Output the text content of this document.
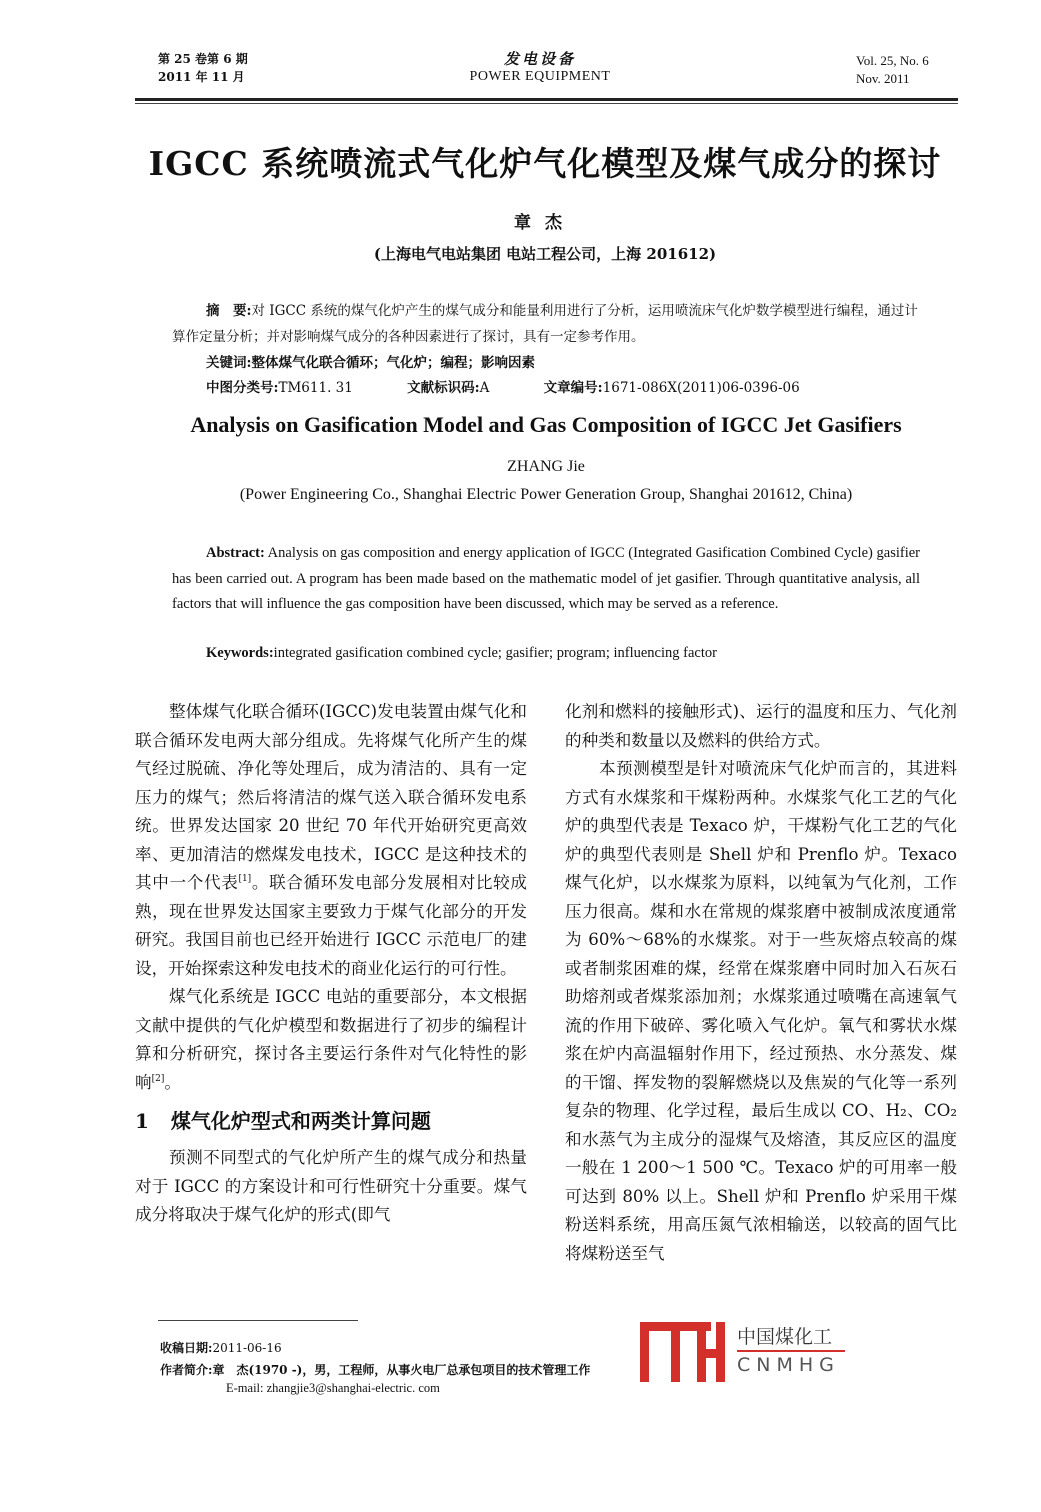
第 25 卷第 6 期
2011 年 11 月
发电设备
POWER EQUIPMENT
Vol. 25, No. 6
Nov. 2011
IGCC 系统喷流式气化炉气化模型及煤气成分的探讨
章杰
(上海电气电站集团 电站工程公司，上海 201612)

摘　要:对 IGCC 系统的煤气化炉产生的煤气成分和能量利用进行了分析，运用喷流床气化炉数学模型进行编程，通过计算作定量分析；并对影响煤气成分的各种因素进行了探讨，具有一定参考作用。

关键词:整体煤气化联合循环；气化炉；编程；影响因素

中图分类号:TM611. 31	文献标识码:A	文章编号:1671-086X(2011)06-0396-06
Analysis on Gasification Model and Gas Composition of IGCC Jet Gasifiers
ZHANG Jie
(Power Engineering Co., Shanghai Electric Power Generation Group, Shanghai 201612, China)

Abstract: Analysis on gas composition and energy application of IGCC (Integrated Gasification Combined Cycle) gasifier has been carried out. A program has been made based on the mathematic model of jet gasifier. Through quantitative analysis, all factors that will influence the gas composition have been discussed, which may be served as a reference.

Keywords:integrated gasification combined cycle; gasifier; program; influencing factor

整体煤气化联合循环(IGCC)发电装置由煤气化和联合循环发电两大部分组成。先将煤气化所产生的煤气经过脱硫、净化等处理后，成为清洁的、具有一定压力的煤气；然后将清洁的煤气送入联合循环发电系统。世界发达国家 20 世纪 70 年代开始研究更高效率、更加清洁的燃煤发电技术，IGCC 是这种技术的其中一个代表[1]。联合循环发电部分发展相对比较成熟，现在世界发达国家主要致力于煤气化部分的开发研究。我国目前也已经开始进行 IGCC 示范电厂的建设，开始探索这种发电技术的商业化运行的可行性。

煤气化系统是 IGCC 电站的重要部分，本文根据文献中提供的气化炉模型和数据进行了初步的编程计算和分析研究，探讨各主要运行条件对气化特性的影响[2]。

1 煤气化炉型式和两类计算问题

预测不同型式的气化炉所产生的煤气成分和热量对于 IGCC 的方案设计和可行性研究十分重要。煤气成分将取决于煤气化炉的形式(即气

化剂和燃料的接触形式)、运行的温度和压力、气化剂的种类和数量以及燃料的供给方式。

本预测模型是针对喷流床气化炉而言的，其进料方式有水煤浆和干煤粉两种。水煤浆气化工艺的气化炉的典型代表是 Texaco 炉，干煤粉气化工艺的气化炉的典型代表则是 Shell 炉和 Prenflo 炉。Texaco 煤气化炉，以水煤浆为原料，以纯氧为气化剂，工作压力很高。煤和水在常规的煤浆磨中被制成浓度通常为 60%～68%的水煤浆。对于一些灰熔点较高的煤或者制浆困难的煤，经常在煤浆磨中同时加入石灰石助熔剂或者煤浆添加剂；水煤浆通过喷嘴在高速氧气流的作用下破碎、雾化喷入气化炉。氧气和雾状水煤浆在炉内高温辐射作用下，经过预热、水分蒸发、煤的干馏、挥发物的裂解燃烧以及焦炭的气化等一系列复杂的物理、化学过程，最后生成以 CO、H₂、CO₂ 和水蒸气为主成分的湿煤气及熔渣，其反应区的温度一般在 1 200～1 500 ℃。Texaco 炉的可用率一般可达到 80% 以上。Shell 炉和 Prenflo 炉采用干煤粉送料系统，用高压氮气浓相输送，以较高的固气比将煤粉送至气

收稿日期:2011-06-16
作者简介:章　杰(1970 -)，男，工程师，从事火电厂总承包项目的技术管理工作
E-mail: zhangjie3@shanghai-electric. com
中国煤化工
CNMHG
